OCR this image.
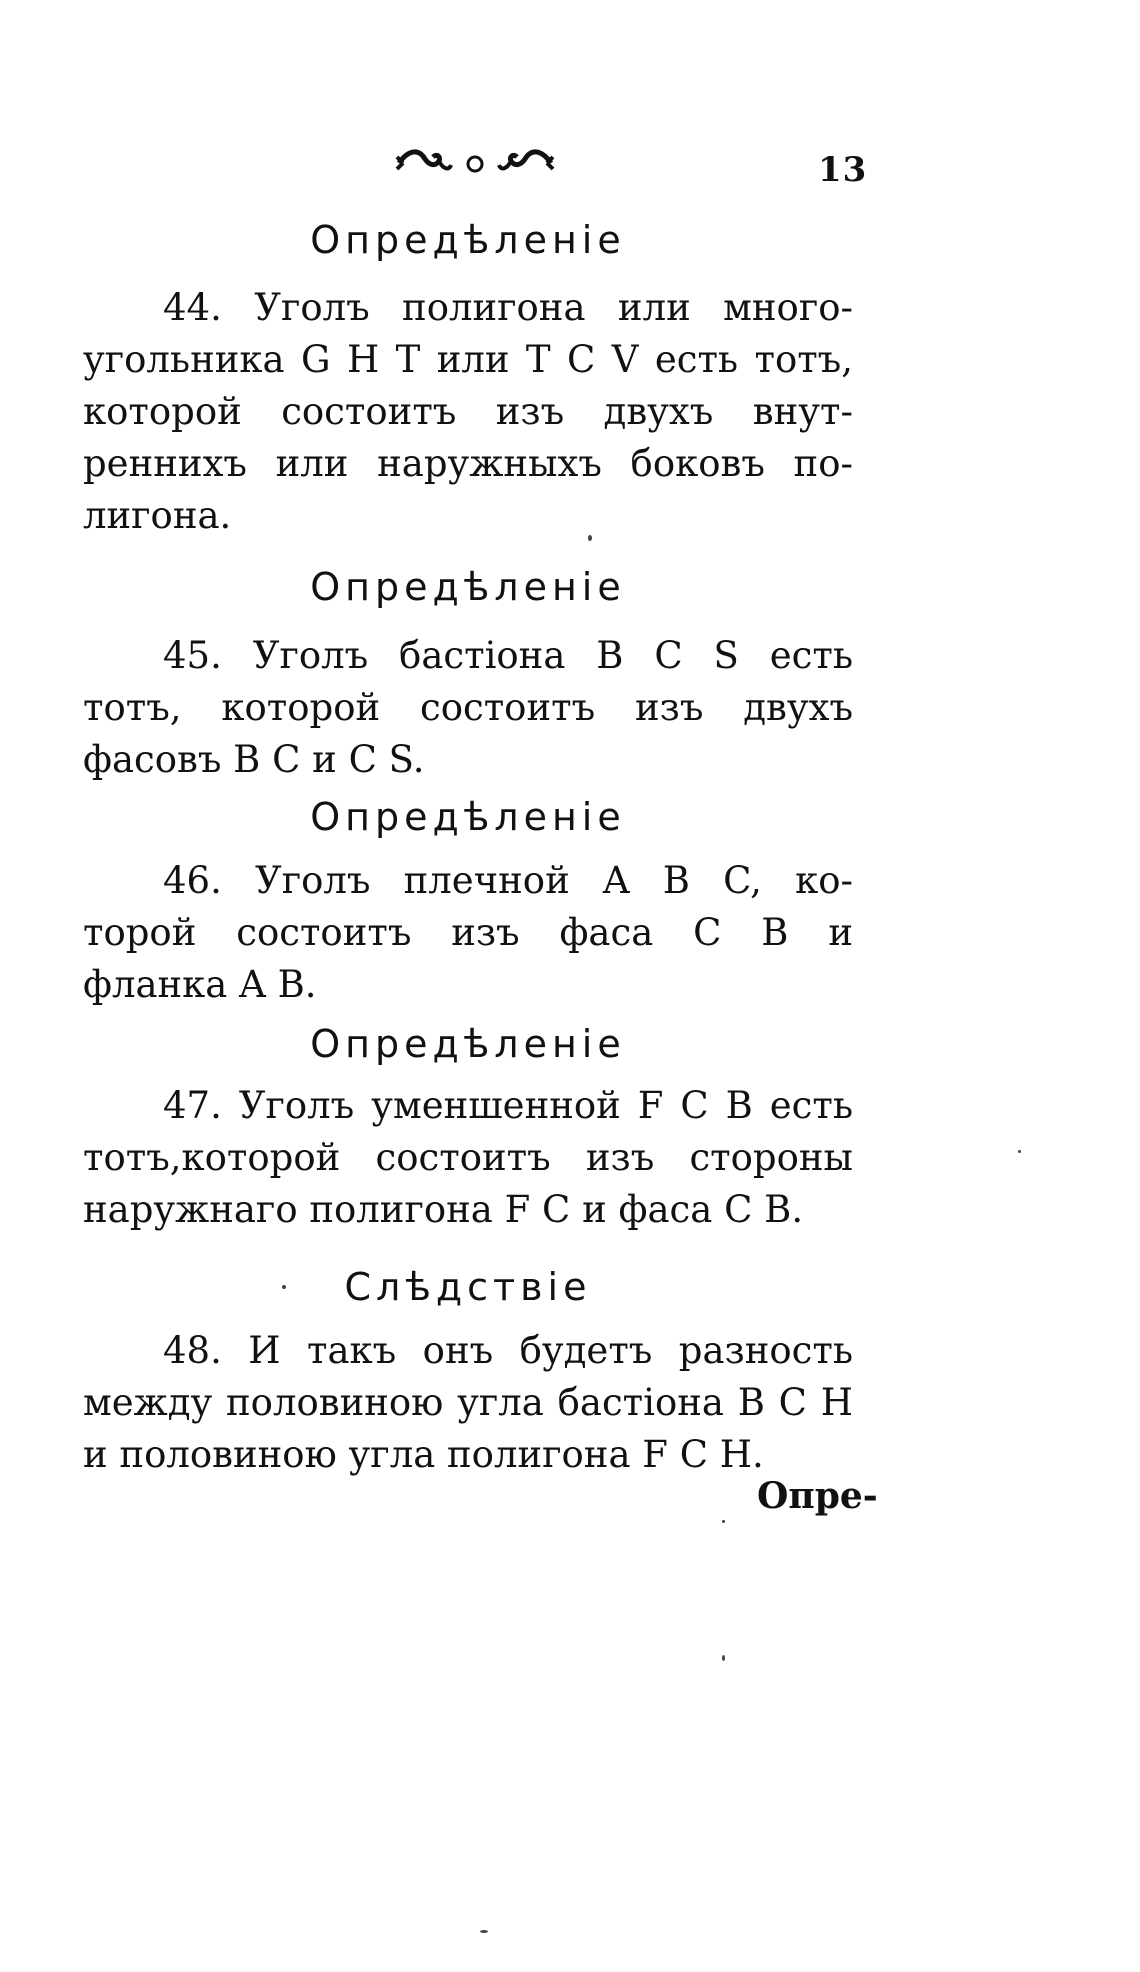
13
Опредѣленіе
44. Уголъ полигона или много-
угольника G H T или T C V есть тотъ,
которой состоитъ изъ двухъ внут-
реннихъ или наружныхъ боковъ по-
лигона.
Опредѣленіе
45. Уголъ бастіона B C S есть
тотъ, которой состоитъ изъ двухъ
фасовъ B C и C S.
Опредѣленіе
46. Уголъ плечной A B C, ко-
торой состоитъ изъ фаса C B и
фланка A B.
Опредѣленіе
47. Уголъ уменшенной F C B есть
тотъ,которой состоитъ изъ стороны
наружнаго полигона F C и фаса C B.
Слѣдствіе
48. И такъ онъ будетъ разность
между половиною угла бастіона B C H
и половиною угла полигона F C H.
Опре-
